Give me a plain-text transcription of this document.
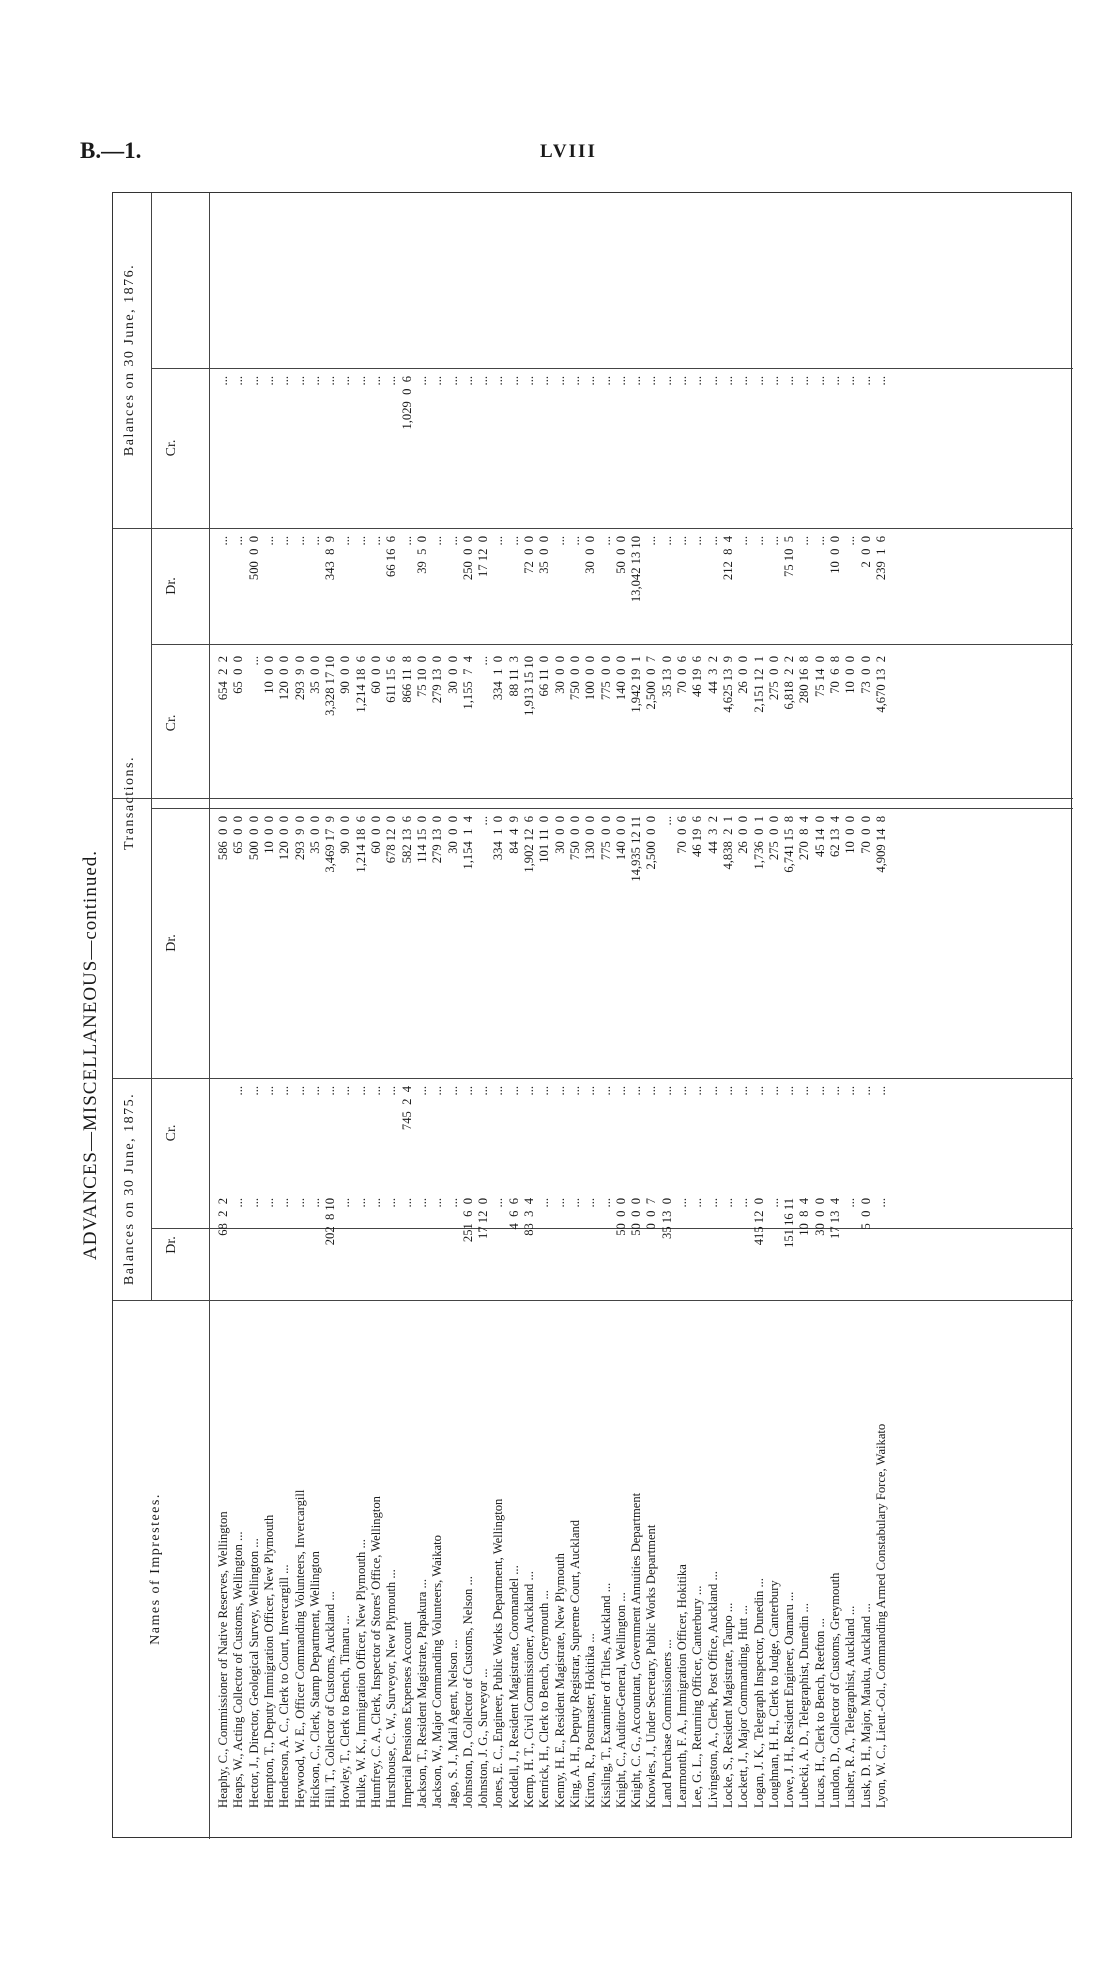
B.—1.	LVIII
ADVANCES—MISCELLANEOUS—continued.
Names of Imprestees.
Balances on 30 June, 1875.
Transactions.
Balances on 30 June, 1876.
Dr.
Cr.
Dr.
Cr.
Dr.
Cr.
Heaphy, C., Commissioner of Native Reserves, Wellington
68  2  2
586  0  0
654  2  2
...
...
Heaps, W., Acting Collector of Customs, Wellington ...
...
...
65  0  0
65  0  0
...
...
Hector, J., Director, Geological Survey, Wellington ...
...
...
500  0  0
...
500  0  0
...
Hempton, T., Deputy Immigration Officer, New Plymouth
...
...
10  0  0
10  0  0
...
...
Henderson, A. C., Clerk to Court, Invercargill ...
...
...
120  0  0
120  0  0
...
...
Heywood, W. E., Officer Commanding Volunteers, Invercargill
...
...
293  9  0
293  9  0
...
...
Hickson, C., Clerk, Stamp Department, Wellington
...
...
35  0  0
35  0  0
...
...
Hill, T., Collector of Customs, Auckland ...
202  8 10
...
3,469 17  9
3,328 17 10
343  8  9
...
Howley, T., Clerk to Bench, Timaru ...
...
...
90  0  0
90  0  0
...
...
Hulke, W. K., Immigration Officer, New Plymouth ...
...
...
1,214 18  6
1,214 18  6
...
...
Humfrey, C. A., Clerk, Inspector of Stores' Office, Wellington
...
...
60  0  0
60  0  0
...
...
Hursthouse, C. W., Surveyor, New Plymouth ...
...
...
678 12  0
611 15  6
66 16  6
...
Imperial Pensions Expenses Account
...
745  2  4
582 13  6
866 11  8
...
1,029  0  6
Jackson, T., Resident Magistrate, Papakura ...
...
...
114 15  0
75 10  0
39  5  0
...
Jackson, W., Major Commanding Volunteers, Waikato
...
...
279 13  0
279 13  0
...
...
Jago, S. J., Mail Agent, Nelson ...
...
...
30  0  0
30  0  0
...
...
Johnston, D., Collector of Customs, Nelson ...
251  6  0
...
1,154  1  4
1,155  7  4
250  0  0
...
Johnston, J. G., Surveyor ...
17 12  0
...
...
...
17 12  0
...
Jones, E. C., Engineer, Public Works Department, Wellington
...
...
334  1  0
334  1  0
...
...
Keddell, J., Resident Magistrate, Coromandel ...
4  6  6
...
84  4  9
88 11  3
...
...
Kemp, H. T., Civil Commissioner, Auckland ...
83  3  4
...
1,902 12  6
1,913 15 10
72  0  0
...
Kenrick, H., Clerk to Bench, Greymouth ...
...
...
101 11  0
66 11  0
35  0  0
...
Kenny, H. E., Resident Magistrate, New Plymouth
...
...
30  0  0
30  0  0
...
...
King, A. H., Deputy Registrar, Supreme Court, Auckland
...
...
750  0  0
750  0  0
...
...
Kirton, R., Postmaster, Hokitika ...
...
...
130  0  0
100  0  0
30  0  0
...
Kissling, T., Examiner of Titles, Auckland ...
...
...
775  0  0
775  0  0
...
...
Knight, C., Auditor-General, Wellington ...
50  0  0
...
140  0  0
140  0  0
50  0  0
...
Knight, C. G., Accountant, Government Annuities Department
50  0  0
...
14,935 12 11
1,942 19  1
13,042 13 10
...
Knowles, J., Under Secretary, Public Works Department
0  0  7
...
2,500  0  0
2,500  0  7
...
...
Land Purchase Commissioners ...
35 13  0
...
...
35 13  0
...
...
Learmonth, F. A., Immigration Officer, Hokitika
...
...
70  0  6
70  0  6
...
...
Lee, G. L., Returning Officer, Canterbury ...
...
...
46 19  6
46 19  6
...
...
Livingston, A., Clerk, Post Office, Auckland ...
...
...
44  3  2
44  3  2
...
...
Locke, S., Resident Magistrate, Taupo ...
...
...
4,838  2  1
4,625 13  9
212  8  4
...
Lockett, J., Major Commanding, Hutt ...
...
...
26  0  0
26  0  0
...
...
Logan, J. K., Telegraph Inspector, Dunedin ...
415 12  0
...
1,736  0  1
2,151 12  1
...
...
Loughnan, H. H., Clerk to Judge, Canterbury
...
...
275  0  0
275  0  0
...
...
Lowe, J. H., Resident Engineer, Oamaru ...
151 16 11
...
6,741 15  8
6,818  2  2
75 10  5
...
Lubecki, A. D., Telegraphist, Dunedin ...
10  8  4
...
270  8  4
280 16  8
...
...
Lucas, H., Clerk to Bench, Reefton ...
30  0  0
...
45 14  0
75 14  0
...
...
Lundon, D., Collector of Customs, Greymouth
17 13  4
...
62 13  4
70  6  8
10  0  0
...
Lusher, R. A., Telegraphist, Auckland ...
...
...
10  0  0
10  0  0
...
...
Lusk, D. H., Major, Mauku, Auckland ...
5  0  0
...
70  0  0
73  0  0
2  0  0
...
Lyon, W. C., Lieut.-Col., Commanding Armed Constabulary Force, Waikato
...
...
4,909 14  8
4,670 13  2
239  1  6
...
